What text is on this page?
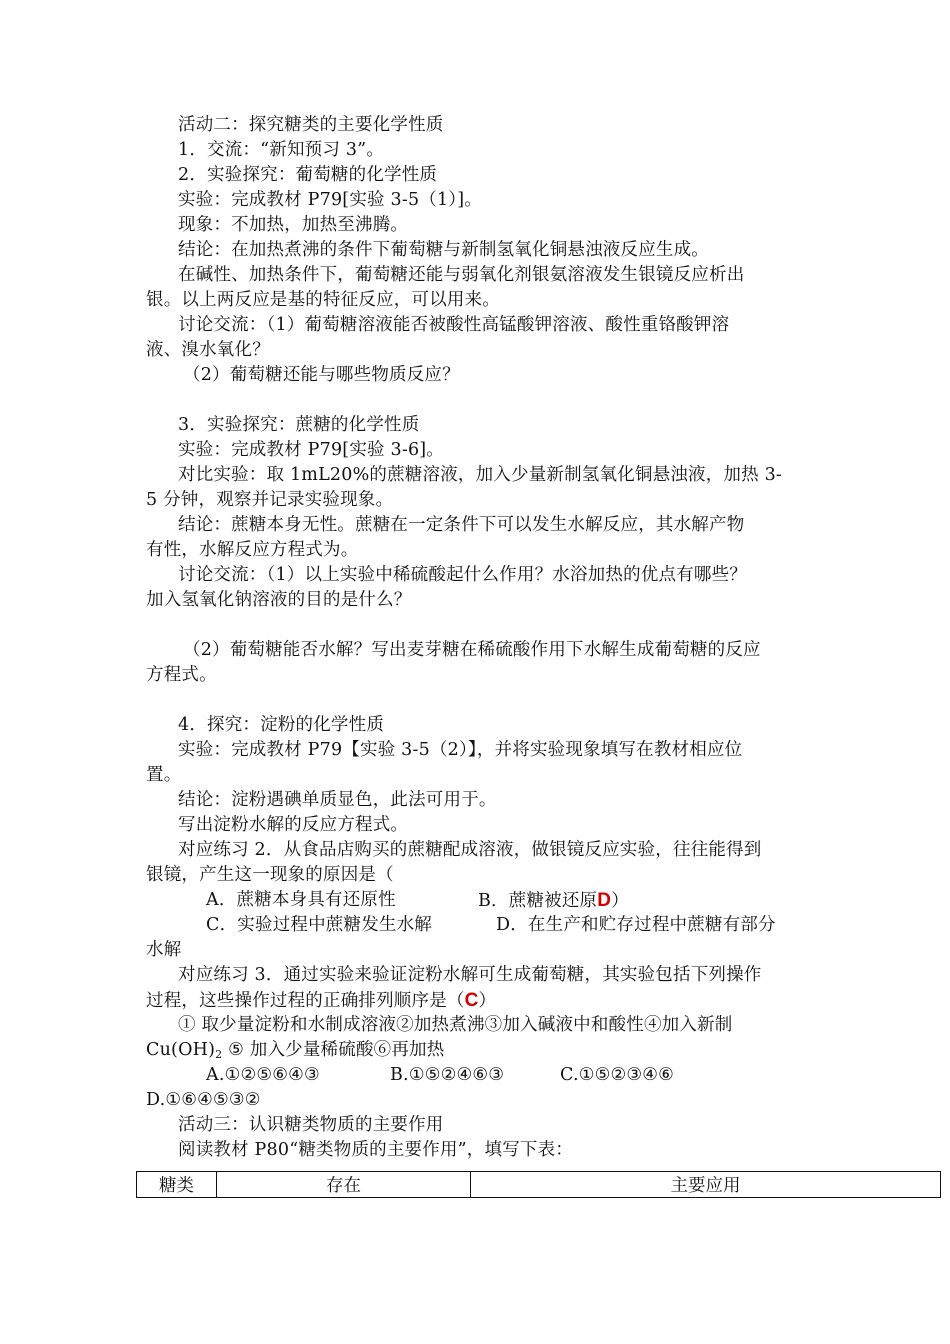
活动二：探究糖类的主要化学性质
1．交流：“新知预习 3”。
2．实验探究：葡萄糖的化学性质
实验：完成教材 P79[实验 3-5（1）]。
现象：不加热，加热至沸腾。
结论：在加热煮沸的条件下葡萄糖与新制氢氧化铜悬浊液反应生成。
在碱性、加热条件下，葡萄糖还能与弱氧化剂银氨溶液发生银镜反应析出
银。以上两反应是基的特征反应，可以用来。
讨论交流：（1）葡萄糖溶液能否被酸性高锰酸钾溶液、酸性重铬酸钾溶
液、溴水氧化？
（2）葡萄糖还能与哪些物质反应？
3．实验探究：蔗糖的化学性质
实验：完成教材 P79[实验 3-6]。
对比实验：取 1mL20%的蔗糖溶液，加入少量新制氢氧化铜悬浊液，加热 3-
5 分钟，观察并记录实验现象。
结论：蔗糖本身无性。蔗糖在一定条件下可以发生水解反应，其水解产物
有性，水解反应方程式为。
讨论交流：（1）以上实验中稀硫酸起什么作用？水浴加热的优点有哪些？
加入氢氧化钠溶液的目的是什么？
（2）葡萄糖能否水解？写出麦芽糖在稀硫酸作用下水解生成葡萄糖的反应
方程式。
4．探究：淀粉的化学性质
实验：完成教材 P79【实验 3-5（2）】，并将实验现象填写在教材相应位
置。
结论：淀粉遇碘单质显色，此法可用于。
写出淀粉水解的反应方程式。
对应练习 2．从食品店购买的蔗糖配成溶液，做银镜反应实验，往往能得到
银镜，产生这一现象的原因是（
A．蔗糖本身具有还原性	B．蔗糖被还原D）
C．实验过程中蔗糖发生水解	D．在生产和贮存过程中蔗糖有部分
水解
对应练习 3．通过实验来验证淀粉水解可生成葡萄糖，其实验包括下列操作
过程，这些操作过程的正确排列顺序是（C）
① 取少量淀粉和水制成溶液②加热煮沸③加入碱液中和酸性④加入新制
$Cu(OH)_2$ ⑤ 加入少量稀硫酸⑥再加热
A.①②⑤⑥④③	B.①⑤②④⑥③	C.①⑤②③④⑥
D.①⑥④⑤③②
活动三：认识糖类物质的主要作用
阅读教材 P80“糖类物质的主要作用”，填写下表：
糖类	存在	主要应用
